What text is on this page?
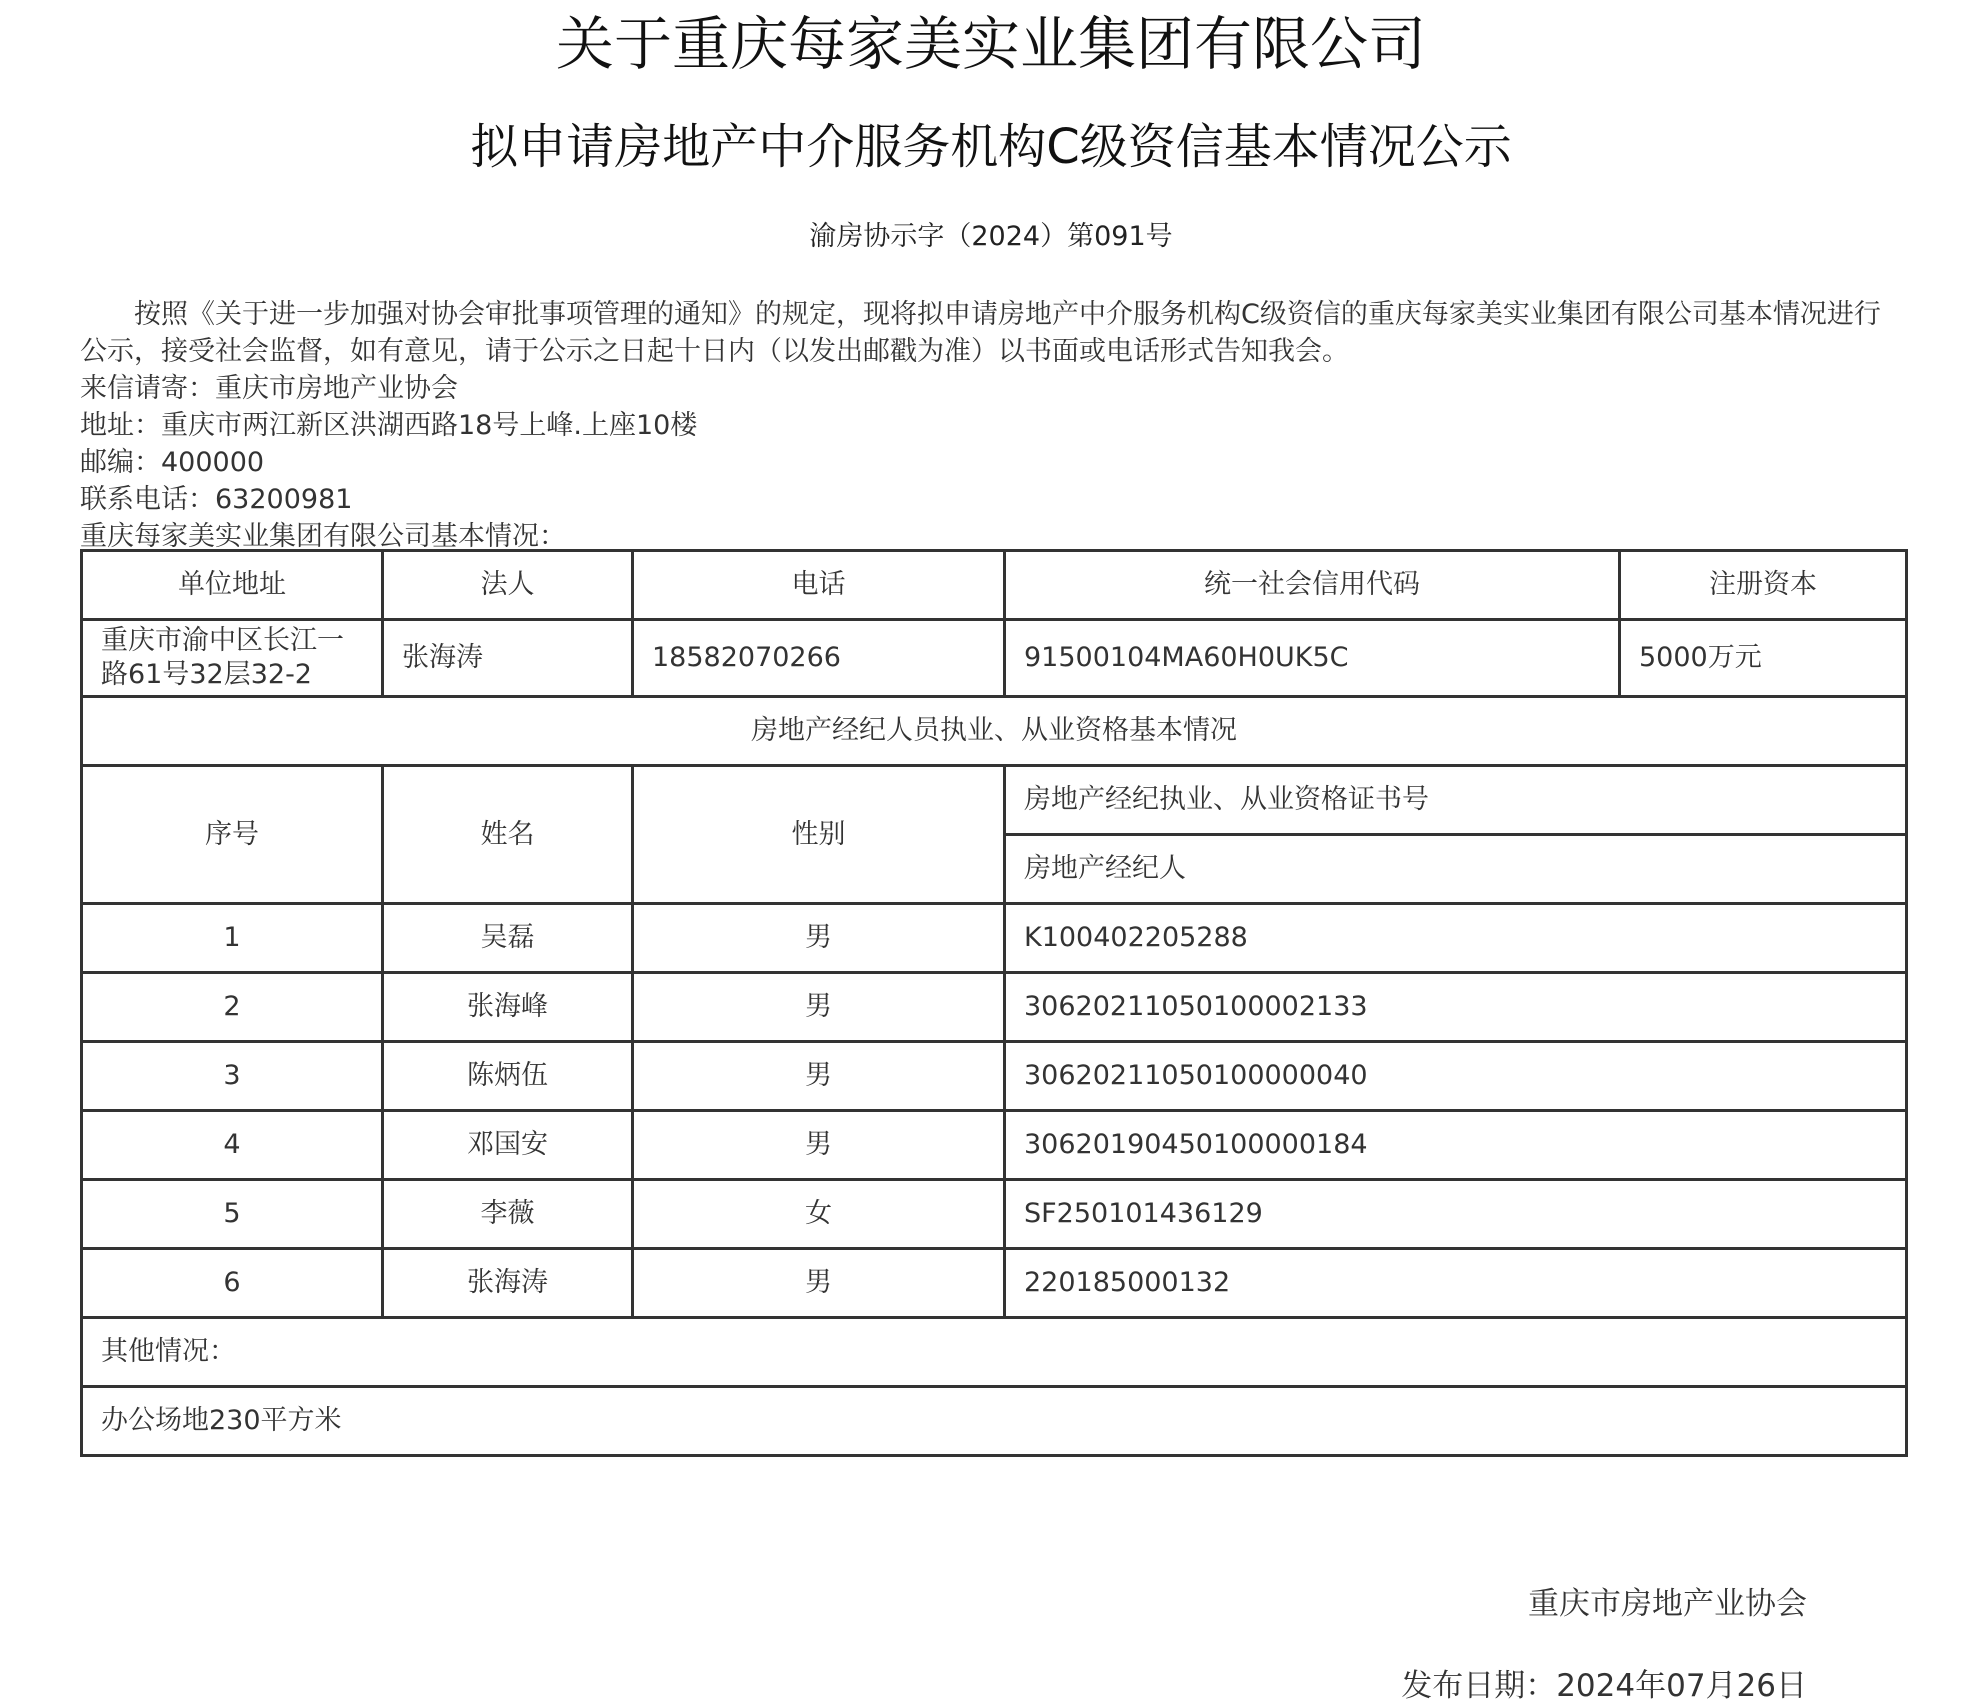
关于重庆每家美实业集团有限公司
拟申请房地产中介服务机构C级资信基本情况公示
渝房协示字（2024）第091号

按照《关于进一步加强对协会审批事项管理的通知》的规定，现将拟申请房地产中介服务机构C级资信的重庆每家美实业集团有限公司基本情况进行公示，接受社会监督，如有意见，请于公示之日起十日内（以发出邮戳为准）以书面或电话形式告知我会。

来信请寄：重庆市房地产业协会
地址：重庆市两江新区洪湖西路18号上峰.上座10楼
邮编：400000
联系电话：63200981
重庆每家美实业集团有限公司基本情况：
单位地址	法人	电话	统一社会信用代码	注册资本
重庆市渝中区长江一路61号32层32-2	张海涛	18582070266	91500104MA60H0UK5C	5000万元
房地产经纪人员执业、从业资格基本情况				
序号	姓名	性别	房地产经纪执业、从业资格证书号	
			房地产经纪人	
1	吴磊	男	K100402205288	
2	张海峰	男	30620211050100002133	
3	陈炳伍	男	30620211050100000040	
4	邓国安	男	30620190450100000184	
5	李薇	女	SF250101436129	
6	张海涛	男	220185000132	
其他情况：				
办公场地230平方米				
重庆市房地产业协会
发布日期：2024年07月26日
